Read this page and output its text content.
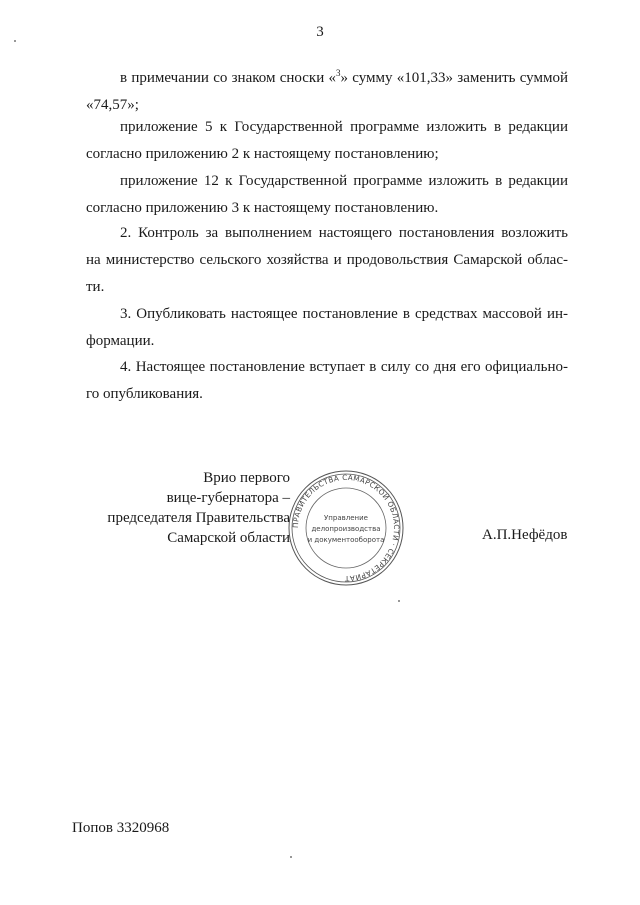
3
в примечании со знаком сноски «$^3$» сумму «101,33» заменить суммой
«74,57»;
приложение 5 к Государственной программе изложить в редакции
согласно приложению 2 к настоящему постановлению;
приложение 12 к Государственной программе изложить в редакции
согласно приложению 3 к настоящему постановлению.
2. Контроль за выполнением настоящего постановления возложить
на министерство сельского хозяйства и продовольствия Самарской облас-
ти.
3. Опубликовать настоящее постановление в средствах массовой ин-
формации.
4. Настоящее постановление вступает в силу со дня его официально-
го опубликования.
Врио первого
вице-губернатора –
председателя Правительства
Самарской области
ПРАВИТЕЛЬСТВА САМАРСКОЙ ОБЛАСТИ · СЕКРЕТАРИАТ
Управление
делопроизводства
и документооборота	А.П.Нефёдов
Попов 3320968
